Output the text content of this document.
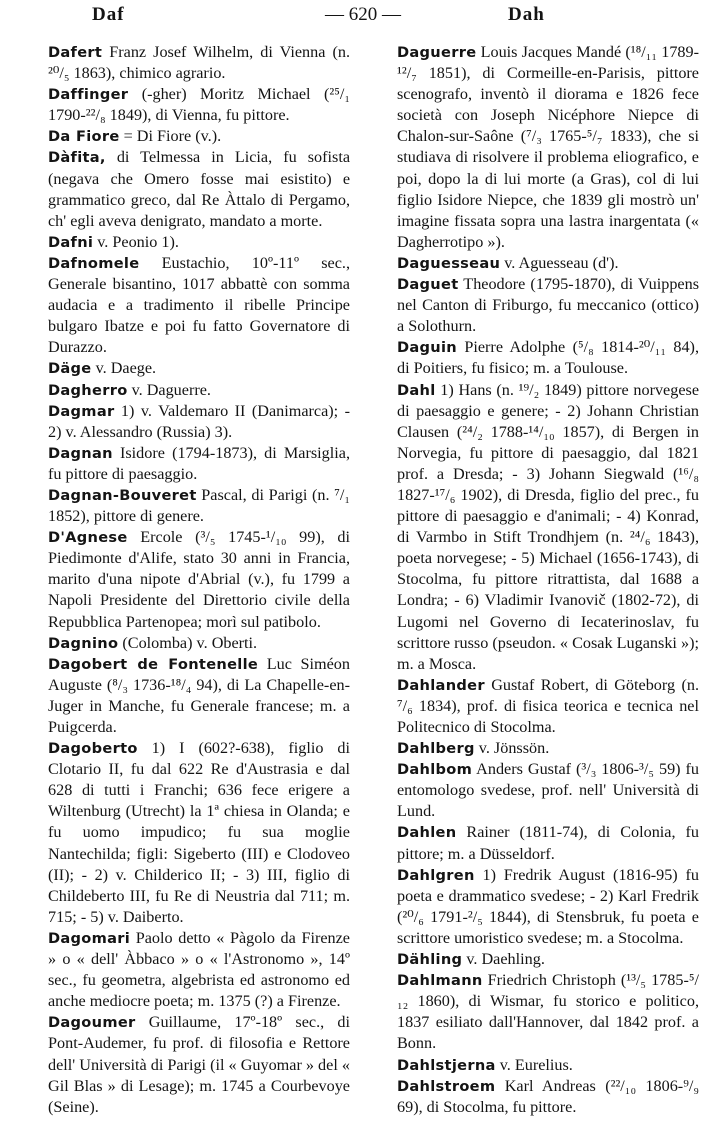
Daf	— 620 —	Dah

Dafert Franz Josef Wilhelm, di Vienna (n. ²⁰/₅ 1863), chimico agrario.

Daffinger (-gher) Moritz Michael (²⁵/₁ 1790-²²/₈ 1849), di Vienna, fu pittore.

Da Fiore = Di Fiore (v.).

Dàfita, di Telmessa in Licia, fu sofista (negava che Omero fosse mai esistito) e grammatico greco, dal Re Àttalo di Pergamo, ch' egli aveva denigrato, mandato a morte.

Dafni v. Peonio 1).

Dafnomele Eustachio, 10º-11º sec., Generale bisantino, 1017 abbattè con somma audacia e a tradimento il ribelle Principe bulgaro Ibatze e poi fu fatto Governatore di Durazzo.

Däge v. Daege.

Dagherro v. Daguerre.

Dagmar 1) v. Valdemaro II (Danimarca); - 2) v. Alessandro (Russia) 3).

Dagnan Isidore (1794-1873), di Marsiglia, fu pittore di paesaggio.

Dagnan-Bouveret Pascal, di Parigi (n. ⁷/₁ 1852), pittore di genere.

D'Agnese Ercole (³/₅ 1745-¹/₁₀ 99), di Piedimonte d'Alife, stato 30 anni in Francia, marito d'una nipote d'Abrial (v.), fu 1799 a Napoli Presidente del Direttorio civile della Repubblica Partenopea; morì sul patibolo.

Dagnino (Colomba) v. Oberti.

Dagobert de Fontenelle Luc Siméon Auguste (⁸/₃ 1736-¹⁸/₄ 94), di La Chapelle-en-Juger in Manche, fu Generale francese; m. a Puigcerda.

Dagoberto 1) I (602?-638), figlio di Clotario II, fu dal 622 Re d'Austrasia e dal 628 di tutti i Franchi; 636 fece erigere a Wiltenburg (Utrecht) la 1ª chiesa in Olanda; e fu uomo impudico; fu sua moglie Nantechilda; figli: Sigeberto (III) e Clodoveo (II); - 2) v. Childerico II; - 3) III, figlio di Childeberto III, fu Re di Neustria dal 711; m. 715; - 5) v. Daiberto.

Dagomari Paolo detto « Pàgolo da Firenze » o « dell' Àbbaco » o « l'Astronomo », 14º sec., fu geometra, algebrista ed astronomo ed anche mediocre poeta; m. 1375 (?) a Firenze.

Dagoumer Guillaume, 17º-18º sec., di Pont-Audemer, fu prof. di filosofia e Rettore dell' Università di Parigi (il « Guyomar » del « Gil Blas » di Lesage); m. 1745 a Courbevoye (Seine).

Daguerre Louis Jacques Mandé (¹⁸/₁₁ 1789-¹²/₇ 1851), di Cormeille-en-Parisis, pittore scenografo, inventò il diorama e 1826 fece società con Joseph Nicéphore Niepce di Chalon-sur-Saône (⁷/₃ 1765-⁵/₇ 1833), che si studiava di risolvere il problema eliografico, e poi, dopo la di lui morte (a Gras), col di lui figlio Isidore Niepce, che 1839 gli mostrò un' imagine fissata sopra una lastra inargentata (« Dagherrotipo »).

Daguesseau v. Aguesseau (d').

Daguet Theodore (1795-1870), di Vuippens nel Canton di Friburgo, fu meccanico (ottico) a Solothurn.

Daguin Pierre Adolphe (⁵/₈ 1814-²⁰/₁₁ 84), di Poitiers, fu fisico; m. a Toulouse.

Dahl 1) Hans (n. ¹⁹/₂ 1849) pittore norvegese di paesaggio e genere; - 2) Johann Christian Clausen (²⁴/₂ 1788-¹⁴/₁₀ 1857), di Bergen in Norvegia, fu pittore di paesaggio, dal 1821 prof. a Dresda; - 3) Johann Siegwald (¹⁶/₈ 1827-¹⁷/₆ 1902), di Dresda, figlio del prec., fu pittore di paesaggio e d'animali; - 4) Konrad, di Varmbo in Stift Trondhjem (n. ²⁴/₆ 1843), poeta norvegese; - 5) Michael (1656-1743), di Stocolma, fu pittore ritrattista, dal 1688 a Londra; - 6) Vladimir Ivanovič (1802-72), di Lugomi nel Governo di Iecaterinoslav, fu scrittore russo (pseudon. « Cosak Luganski »); m. a Mosca.

Dahlander Gustaf Robert, di Göteborg (n. ⁷/₆ 1834), prof. di fisica teorica e tecnica nel Politecnico di Stocolma.

Dahlberg v. Jönssön.

Dahlbom Anders Gustaf (³/₃ 1806-³/₅ 59) fu entomologo svedese, prof. nell' Università di Lund.

Dahlen Rainer (1811-74), di Colonia, fu pittore; m. a Düsseldorf.

Dahlgren 1) Fredrik August (1816-95) fu poeta e drammatico svedese; - 2) Karl Fredrik (²⁰/₆ 1791-²/₅ 1844), di Stensbruk, fu poeta e scrittore umoristico svedese; m. a Stocolma.

Dähling v. Daehling.

Dahlmann Friedrich Christoph (¹³/₅ 1785-⁵/₁₂ 1860), di Wismar, fu storico e politico, 1837 esiliato dall'Hannover, dal 1842 prof. a Bonn.

Dahlstjerna v. Eurelius.

Dahlstroem Karl Andreas (²²/₁₀ 1806-⁹/₉ 69), di Stocolma, fu pittore.
